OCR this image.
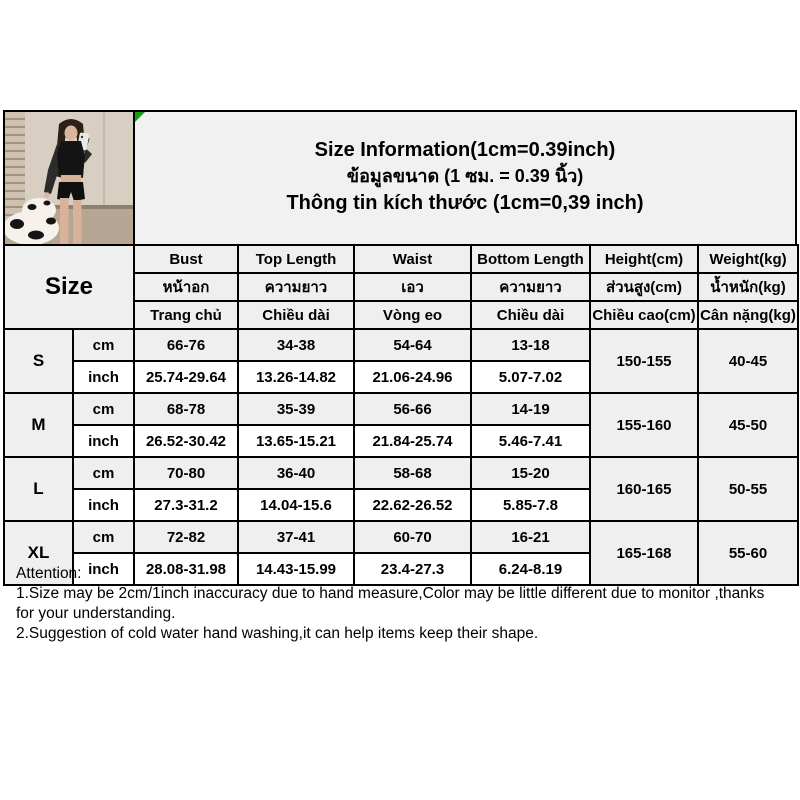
Size Information(1cm=0.39inch)
ข้อมูลขนาด (1 ซม. = 0.39 นิ้ว)
Thông tin kích thước (1cm=0,39 inch)
Size		Bust	Top Length	Waist	Bottom Length	Height(cm)	Weight(kg)
		หน้าอก	ความยาว	เอว	ความยาว	ส่วนสูง(cm)	น้ำหนัก(kg)
		Trang chủ	Chiều dài	Vòng eo	Chiều dài	Chiều cao(cm)	Cân nặng(kg)
S	cm	66-76	34-38	54-64	13-18	150-155	40-45
	inch	25.74-29.64	13.26-14.82	21.06-24.96	5.07-7.02		
M	cm	68-78	35-39	56-66	14-19	155-160	45-50
	inch	26.52-30.42	13.65-15.21	21.84-25.74	5.46-7.41		
L	cm	70-80	36-40	58-68	15-20	160-165	50-55
	inch	27.3-31.2	14.04-15.6	22.62-26.52	5.85-7.8		
XL	cm	72-82	37-41	60-70	16-21	165-168	55-60
	inch	28.08-31.98	14.43-15.99	23.4-27.3	6.24-8.19		
Attention:
1.Size may be 2cm/1inch inaccuracy due to hand measure,Color may be little different due to monitor ,thanks for your understanding.
2.Suggestion of cold water hand washing,it can help items keep their shape.
